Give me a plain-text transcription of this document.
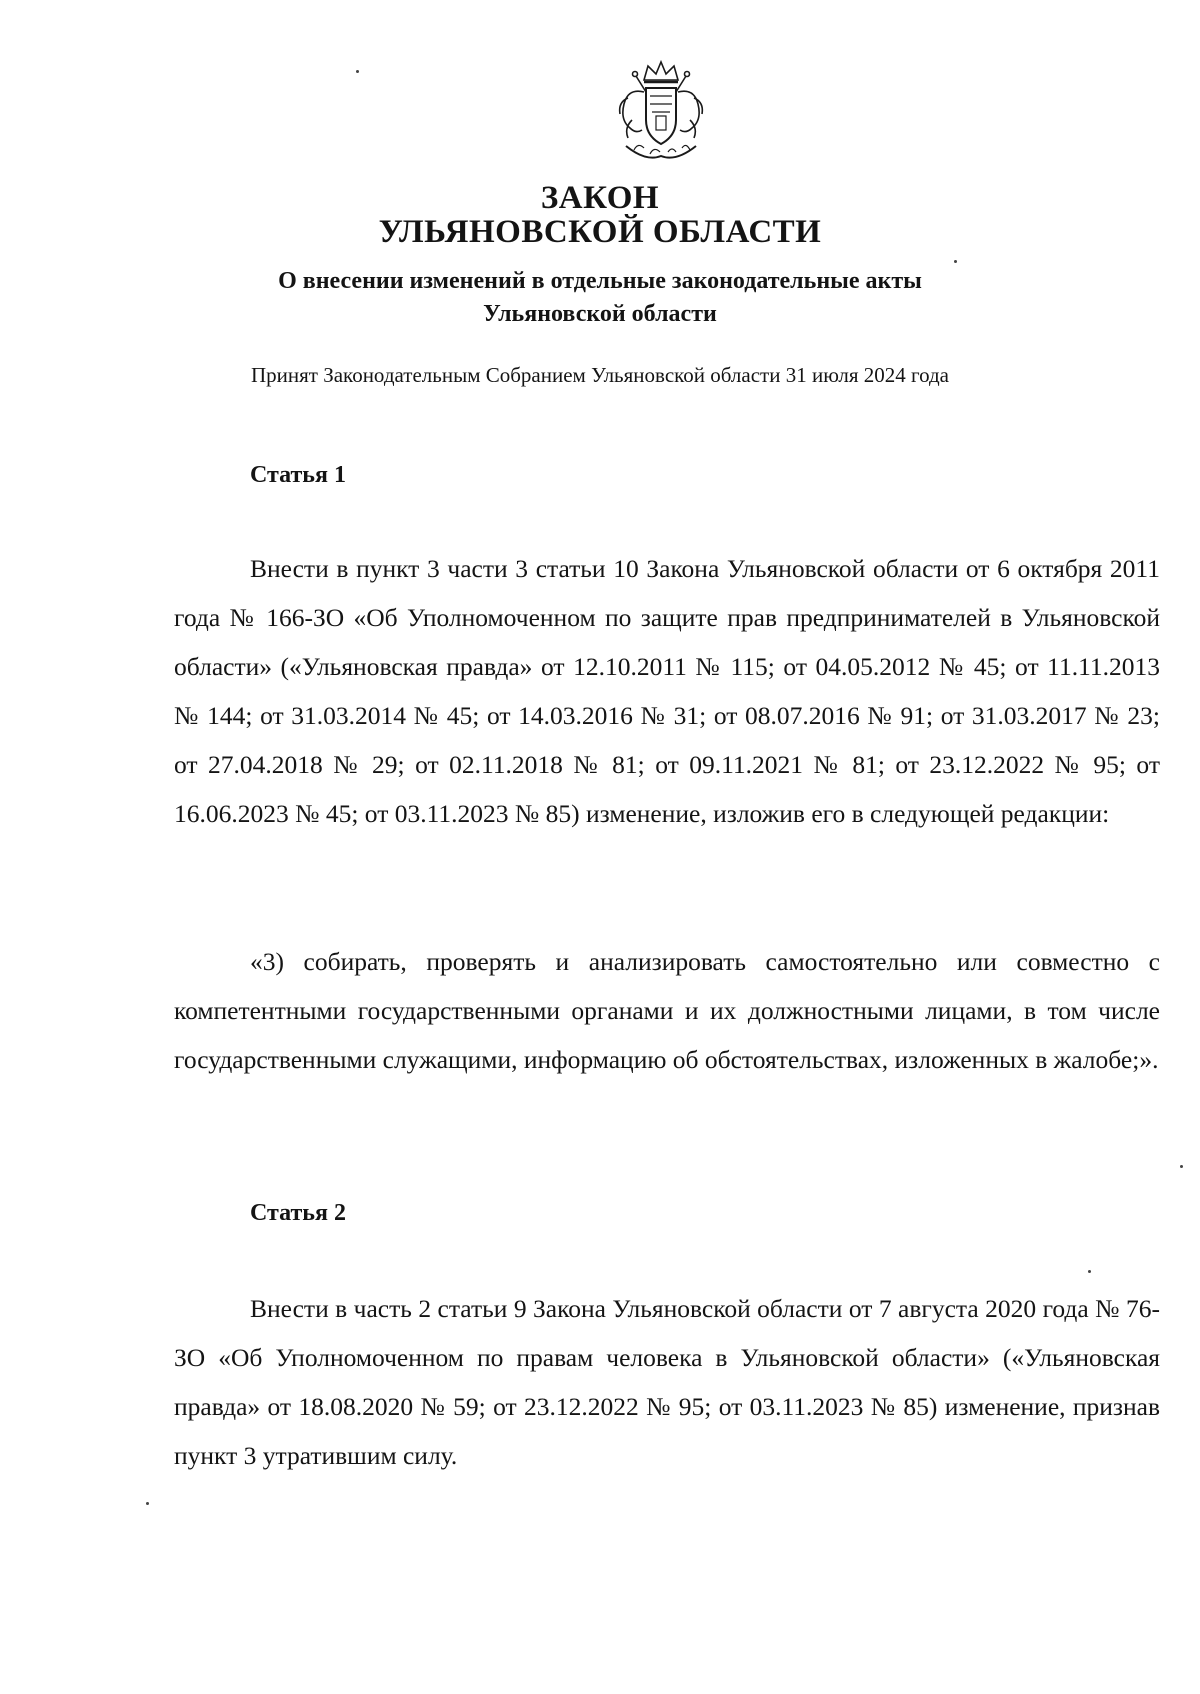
ЗАКОН
УЛЬЯНОВСКОЙ ОБЛАСТИ
О внесении изменений в отдельные законодательные акты
Ульяновской области
Принят Законодательным Собранием Ульяновской области 31 июля 2024 года
Статья 1

Внести в пункт 3 части 3 статьи 10 Закона Ульяновской области от 6 октября 2011 года № 166-ЗО «Об Уполномоченном по защите прав предпринимателей в Ульяновской области» («Ульяновская правда» от 12.10.2011 № 115; от 04.05.2012 № 45; от 11.11.2013 № 144; от 31.03.2014 № 45; от 14.03.2016 № 31; от 08.07.2016 № 91; от 31.03.2017 № 23; от 27.04.2018 № 29; от 02.11.2018 № 81; от 09.11.2021 № 81; от 23.12.2022 № 95; от 16.06.2023 № 45; от 03.11.2023 № 85) изменение, изложив его в следующей редакции:

«3) собирать, проверять и анализировать самостоятельно или совместно с компетентными государственными органами и их должностными лицами, в том числе государственными служащими, информацию об обстоятельствах, изложенных в жалобе;».

Статья 2

Внести в часть 2 статьи 9 Закона Ульяновской области от 7 августа 2020 года № 76-ЗО «Об Уполномоченном по правам человека в Ульяновской области» («Ульяновская правда» от 18.08.2020 № 59; от 23.12.2022 № 95; от 03.11.2023 № 85) изменение, признав пункт 3 утратившим силу.
